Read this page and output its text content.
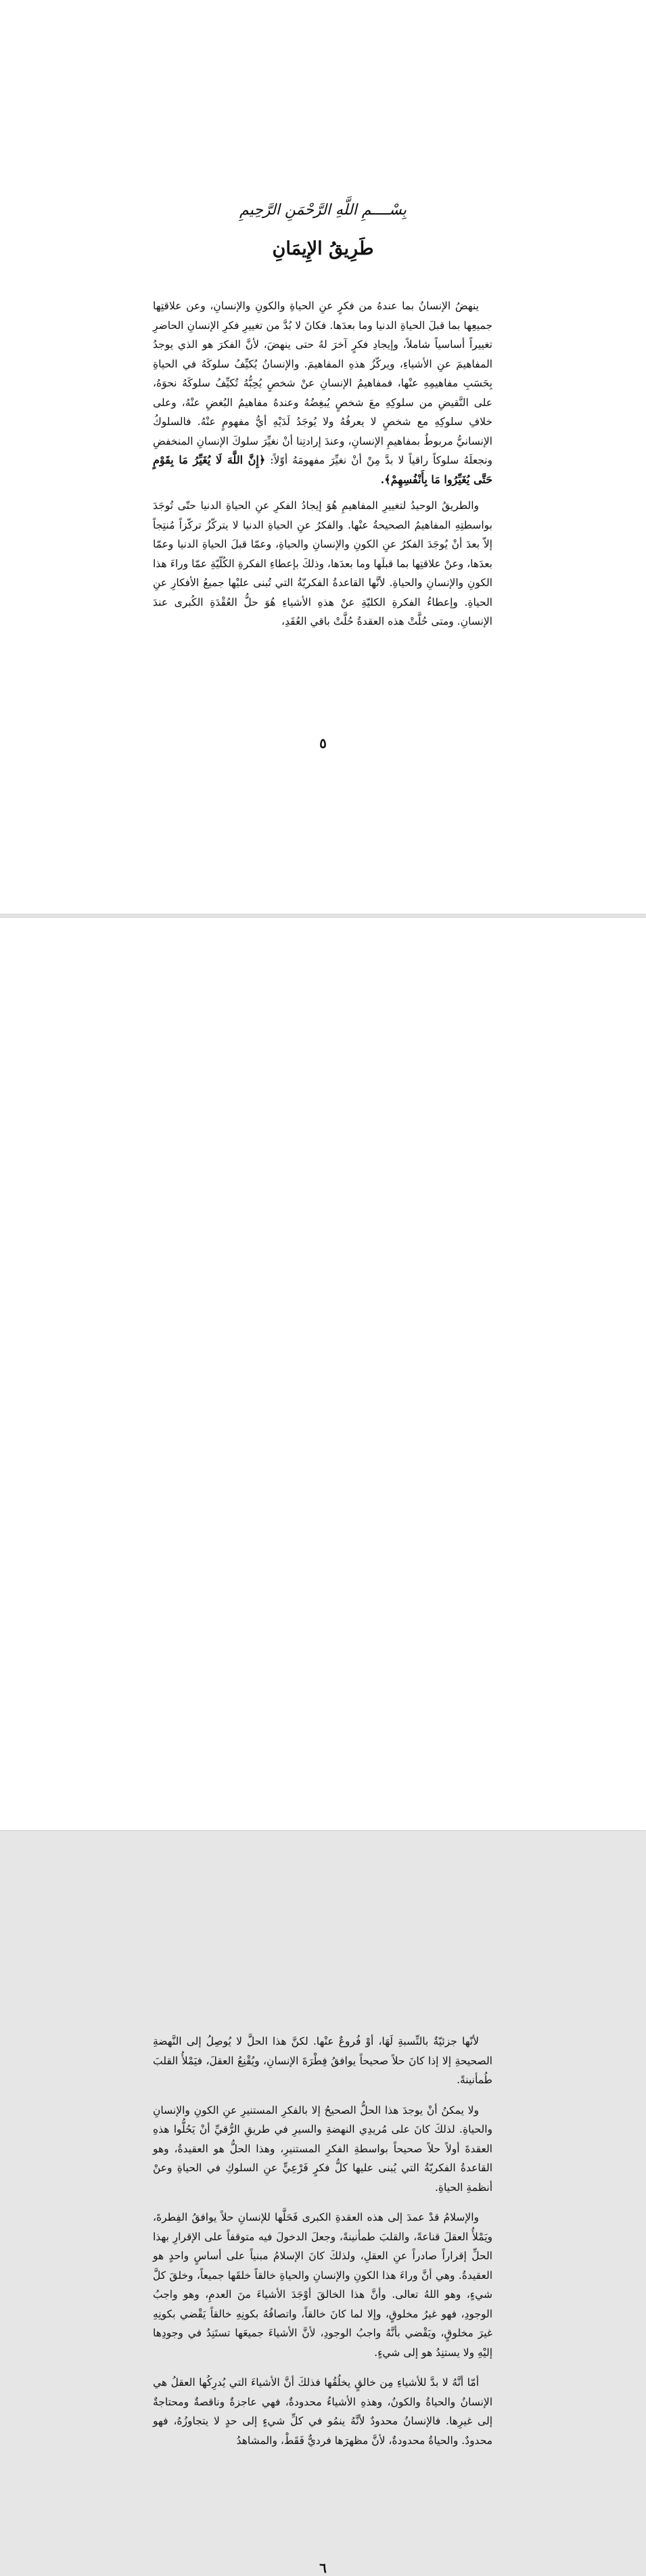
بِسْــــمِ اللَّهِ الرَّحْمَنِ الرَّحِيمِ
طَرِيقُ الإِيمَانِ

ينهضُ الإنسانُ بما عندهُ من فكرٍ عنِ الحياةِ والكونِ والإنسانِ، وعن علاقتِها جميعِها بما قبلَ الحياةِ الدنيا وما بعدَها. فكانَ لا بُدَّ من تغييرِ فكرِ الإنسانِ الحاضرِ تغييراً أساسياً شاملاً، وإيجادِ فكرٍ آخرَ لهُ حتى ينهضَ، لأنَّ الفكرَ هو الذي يوجدُ المفاهيمَ عنِ الأشياءِ، ويركّزُ هذهِ المفاهيمَ. والإنسانُ يُكيِّفُ سلوكَهُ في الحياةِ بِحَسَبِ مفاهيمِهِ عنْها، فمفاهيمُ الإنسانِ عنْ شخصٍ يُحِبُّهُ تُكيِّفُ سلوكَهُ نحوَهُ، على النَّقيضِ من سلوكِهِ معَ شخصٍ يُبغِضُهُ وعندهُ مفاهيمُ البُغضِ عنْهُ، وعلى خلافِ سلوكِهِ مع شخصٍ لا يعرفُهُ ولا يُوجَدُ لَدَيْهِ أيُّ مفهومٍ عنْهُ. فالسلوكُ الإنسانيُّ مربوطٌ بمفاهيمِ الإنسانِ، وعندَ إرادتِنا أنْ نغيِّرَ سلوكَ الإنسانِ المنخفضِ ونجعلَهُ سلوكاً راقياً لا بدَّ مِنْ أنْ نغيِّرَ مفهومَهُ أوّلاً: ﴿إِنَّ اللَّهَ لَا يُغَيِّرُ مَا بِقَوْمٍ حَتَّى يُغَيِّرُوا مَا بِأَنْفُسِهِمْ﴾.

والطريقُ الوحيدُ لتغييرِ المفاهيمِ هُوَ إيجادُ الفكرِ عنِ الحياةِ الدنيا حتّى تُوجَدَ بواسطتِهِ المفاهيمُ الصحيحةُ عنْها. والفكرُ عنِ الحياةِ الدنيا لا يتركّزُ تركّزاً مُنتِجاً إلاّ بعدَ أنْ يُوجَدَ الفكرُ عنِ الكونِ والإنسانِ والحياةِ، وعمّا قبلَ الحياةِ الدنيا وعمّا بعدَها، وعنْ علاقتِها بما قبلَها وما بعدَها، وذلكَ بإعطاءِ الفكرةِ الكُلّيّةِ عمّا وراءَ هذا الكونِ والإنسانِ والحياةِ. لأنَّها القاعدةُ الفكريّةُ التي تُبنى عليْها جميعُ الأفكارِ عنِ الحياةِ. وإعطاءُ الفكرةِ الكليّةِ عنْ هذهِ الأشياءِ هُوَ حلُّ العُقْدَةِ الكُبرى عندَ الإنسانِ. ومتى حُلَّتْ هذه العقدةُ حُلَّتْ باقي العُقَدِ،

٥

لأنّها جزئيّةٌ بالنِّسبةِ لَهَا، أوْ فُروعٌ عنْها. لكنَّ هذا الحلَّ لا يُوصِلُ إلى النَّهضةِ الصحيحةِ إلا إذا كانَ حلاً صحيحاً يوافقُ فِطْرَةَ الإنسانِ، ويُقْنِعُ العقلَ، فيَمْلأُ القلبَ طُمأنينةً.

ولا يمكنُ أنْ يوجدَ هذا الحلُّ الصحيحُ إلا بالفكرِ المستنيرِ عنِ الكونِ والإنسانِ والحياةِ. لذلكَ كانَ على مُريدِي النهضةِ والسيرِ في طريقِ الرُّقيِّ أنْ يَحُلُّوا هذهِ العقدةَ أولاً حلاً صحيحاً بواسطةِ الفكرِ المستنيرِ، وهذا الحلُّ هو العقيدةُ، وهو القاعدةُ الفكريّةُ التي يُبنى عليها كلُّ فكرٍ فَرْعِيٍّ عنِ السلوكِ في الحياةِ وعنْ أنظمةِ الحياةِ.

والإسلامُ قدْ عمدَ إلى هذه العقدةِ الكبرى فَحَلَّها للإنسانِ حلاً يوافقُ الفِطرةَ، ويَمْلأُ العقلَ قناعةً، والقلبَ طمأنينةً، وجعلَ الدخولَ فيه متوقفاً على الإقرارِ بهذا الحلِّ إقراراً صادراً عنِ العقلِ، ولذلكَ كانَ الإسلامُ مبنياً على أساسٍ واحدٍ هو العقيدةُ. وهي أنَّ وراءَ هذا الكونِ والإنسانِ والحياةِ خالقاً خلقَها جميعاً، وخلقَ كلَّ شيءٍ، وهو اللهُ تعالى. وأنَّ هذا الخالقَ أوْجَدَ الأشياءَ منَ العدمِ، وهو واجبُ الوجودِ، فهو غيرُ مخلوقٍ، وإلا لما كانَ خالقاً، واتصافُهُ بكونِهِ خالقاً يَقْضي بكونِهِ غيرَ مخلوقٍ، ويَقْضي بأنَّهُ واجبُ الوجودِ، لأنَّ الأشياءَ جميعَها تستَنِدُ في وجودِها إليْهِ ولا يستنِدُ هو إلى شيءٍ.

أمّا أنَّهُ لا بدَّ للأشياءِ مِن خالقٍ يخلُقُها فذلكَ أنَّ الأشياءَ التي يُدرِكُها العقلُ هي الإنسانُ والحياةُ والكونُ، وهذهِ الأشياءُ محدودةٌ، فهي عاجزةٌ وناقصةٌ ومحتاجةٌ إلى غيرِها. فالإنسانُ محدودٌ لأنَّهُ ينمُو في كلِّ شيءٍ إلى حدٍ لا يتجاوزُهُ، فهو محدودٌ. والحياةُ محدودةٌ، لأنَّ مظهرَها فرديٌّ فَقَطْ، والمشاهدُ

٦
